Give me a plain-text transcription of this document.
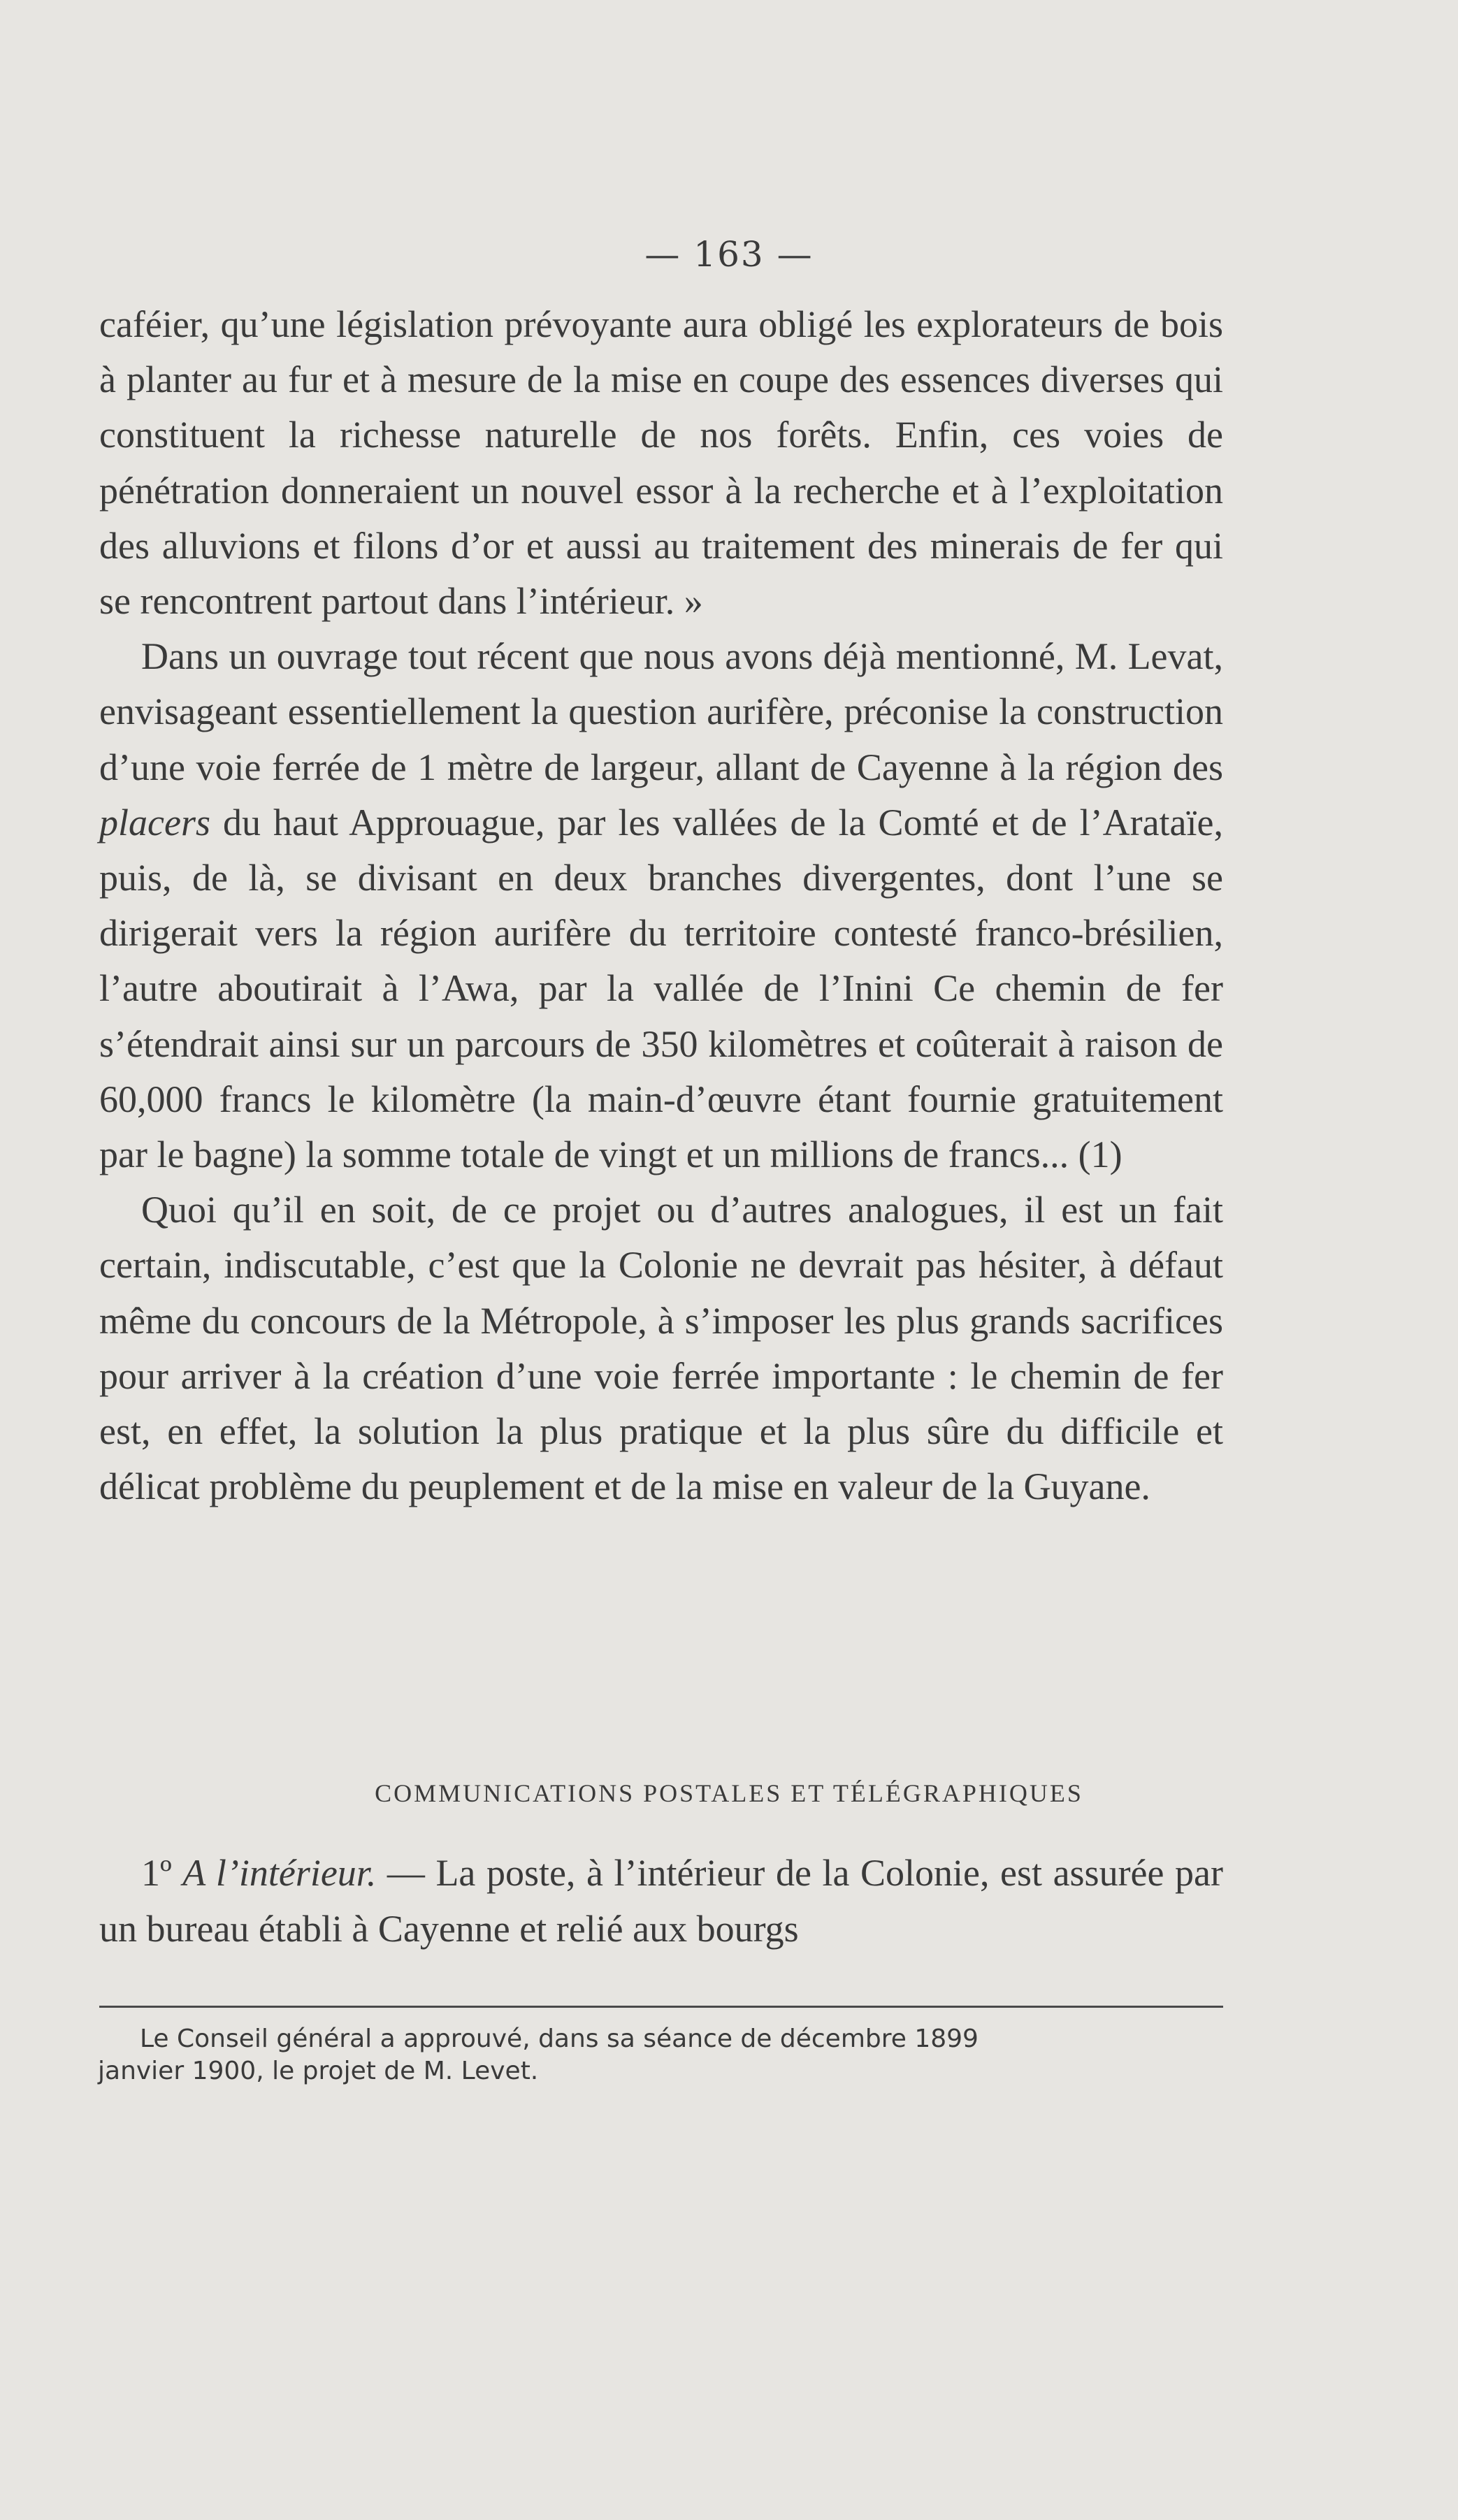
— 163 —

caféier, qu’une législation prévoyante aura obligé les explorateurs de bois à planter au fur et à mesure de la mise en coupe des essences diverses qui constituent la richesse naturelle de nos forêts. Enfin, ces voies de pénétration donneraient un nouvel essor à la recherche et à l’exploitation des alluvions et filons d’or et aussi au traitement des minerais de fer qui se rencontrent partout dans l’intérieur. »

Dans un ouvrage tout récent que nous avons déjà mentionné, M. Levat, envisageant essentiellement la question aurifère, préconise la construction d’une voie ferrée de 1 mètre de largeur, allant de Cayenne à la région des placers du haut Approuague, par les vallées de la Comté et de l’Arataïe, puis, de là, se divisant en deux branches divergentes, dont l’une se dirigerait vers la région aurifère du territoire contesté franco-brésilien, l’autre aboutirait à l’Awa, par la vallée de l’Inini Ce chemin de fer s’étendrait ainsi sur un parcours de 350 kilomètres et coûterait à raison de 60,000 francs le kilomètre (la main-d’œuvre étant fournie gratuitement par le bagne) la somme totale de vingt et un millions de francs... (1)

Quoi qu’il en soit, de ce projet ou d’autres analogues, il est un fait certain, indiscutable, c’est que la Colonie ne devrait pas hésiter, à défaut même du concours de la Métropole, à s’imposer les plus grands sacrifices pour arriver à la création d’une voie ferrée importante : le chemin de fer est, en effet, la solution la plus pratique et la plus sûre du difficile et délicat problème du peuplement et de la mise en valeur de la Guyane.

COMMUNICATIONS POSTALES ET TÉLÉGRAPHIQUES

1º A l’intérieur. — La poste, à l’intérieur de la Colonie, est assurée par un bureau établi à Cayenne et relié aux bourgs

Le Conseil général a approuvé, dans sa séance de décembre 1899
janvier 1900, le projet de M. Levet.
